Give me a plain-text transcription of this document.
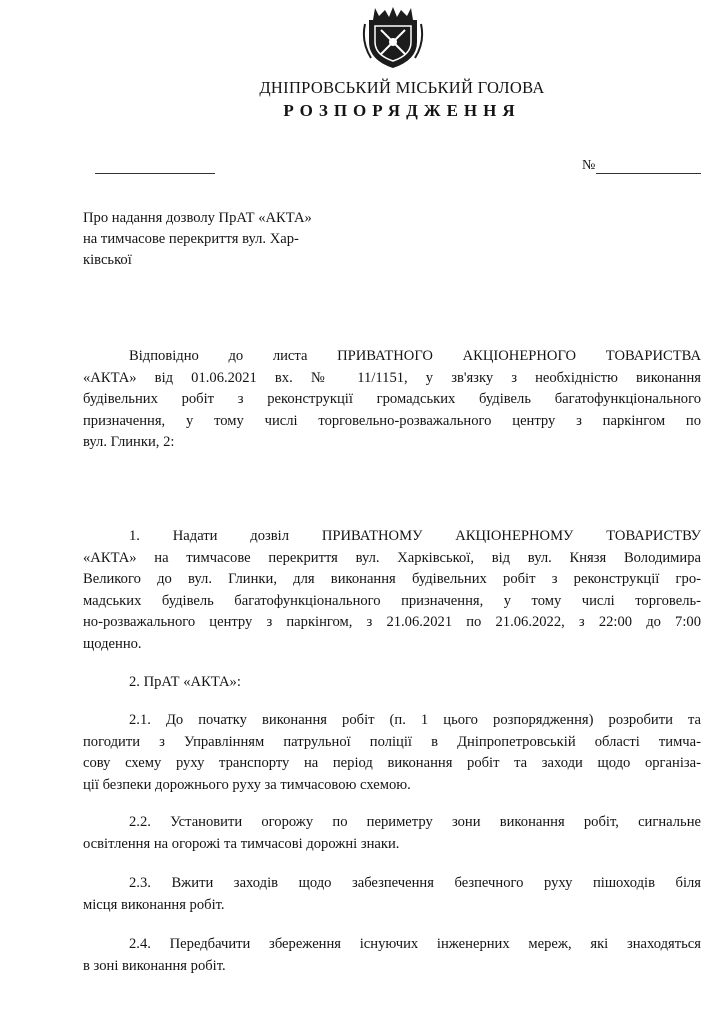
ДНІПРОВСЬКИЙ МІСЬКИЙ ГОЛОВА
РОЗПОРЯДЖЕННЯ
№
Про надання дозволу ПрАТ «АКТА»
на тимчасове перекриття вул. Хар-
ківської
Відповідно до листа ПРИВАТНОГО АКЦІОНЕРНОГО ТОВАРИСТВА
«АКТА» від 01.06.2021 вх. № 11/1151, у зв'язку з необхідністю виконання
будівельних робіт з реконструкції громадських будівель багатофункціонального
призначення, у тому числі торговельно-розважального центру з паркінгом по
вул. Глинки, 2:
1. Надати дозвіл ПРИВАТНОМУ АКЦІОНЕРНОМУ ТОВАРИСТВУ
«АКТА» на тимчасове перекриття вул. Харківської, від вул. Князя Володимира
Великого до вул. Глинки, для виконання будівельних робіт з реконструкції гро-
мадських будівель багатофункціонального призначення, у тому числі торговель-
но-розважального центру з паркінгом, з 21.06.2021 по 21.06.2022, з 22:00 до 7:00
щоденно.
2. ПрАТ «АКТА»:
2.1. До початку виконання робіт (п. 1 цього розпорядження) розробити та
погодити з Управлінням патрульної поліції в Дніпропетровській області тимча-
сову схему руху транспорту на період виконання робіт та заходи щодо організа-
ції безпеки дорожнього руху за тимчасовою схемою.
2.2. Установити огорожу по периметру зони виконання робіт, сигнальне
освітлення на огорожі та тимчасові дорожні знаки.
2.3. Вжити заходів щодо забезпечення безпечного руху пішоходів біля
місця виконання робіт.
2.4. Передбачити збереження існуючих інженерних мереж, які знаходяться
в зоні виконання робіт.
